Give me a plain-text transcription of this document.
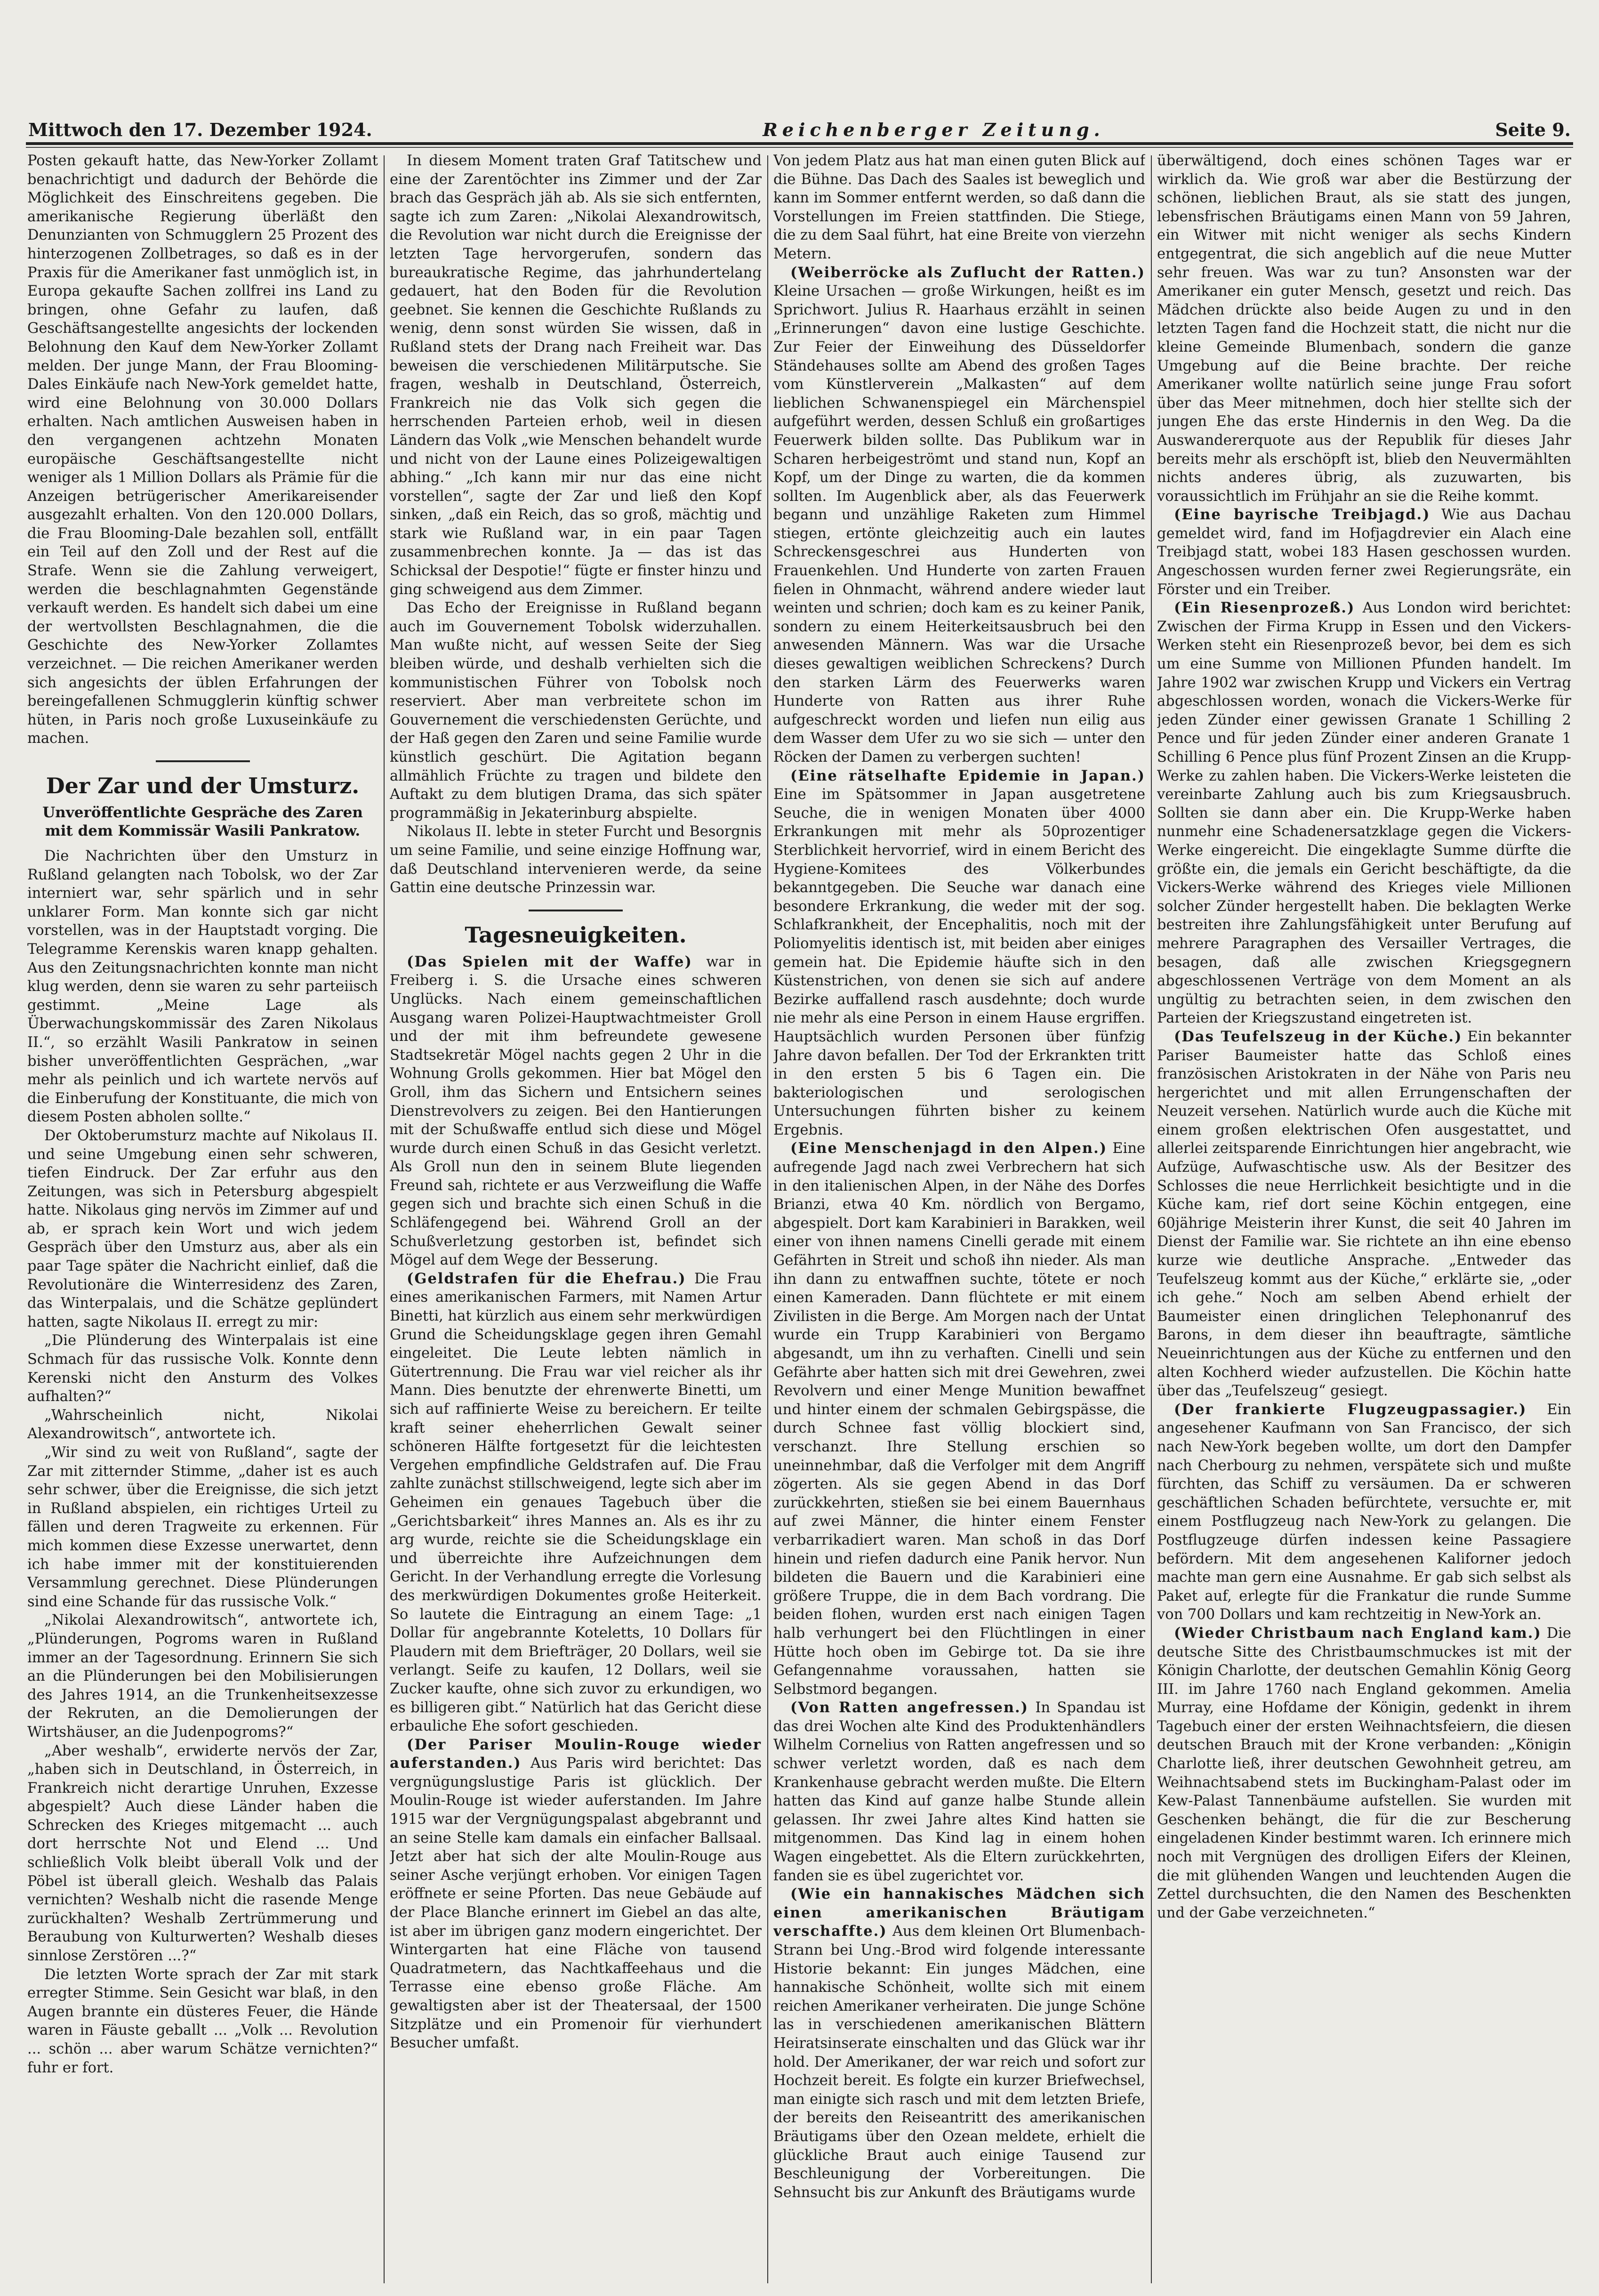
Mittwoch den 17. Dezember 1924.	Reichenberger Zeitung.	Seite 9.

Posten gekauft hatte, das New-Yorker Zollamt benachrichtigt und dadurch der Behörde die Möglichkeit des Einschreitens gegeben. Die amerikanische Regierung überläßt den Denunzianten von Schmugglern 25 Prozent des hinterzogenen Zollbetrages, so daß es in der Praxis für die Amerikaner fast unmöglich ist, in Europa gekaufte Sachen zollfrei ins Land zu bringen, ohne Gefahr zu laufen, daß Geschäftsangestellte angesichts der lockenden Belohnung den Kauf dem New-Yorker Zollamt melden. Der junge Mann, der Frau Blooming-Dales Einkäufe nach New-York gemeldet hatte, wird eine Belohnung von 30.000 Dollars erhalten. Nach amtlichen Ausweisen haben in den vergangenen achtzehn Monaten europäische Geschäftsangestellte nicht weniger als 1 Million Dollars als Prämie für die Anzeigen betrügerischer Amerikareisender ausgezahlt erhalten. Von den 120.000 Dollars, die Frau Blooming-Dale bezahlen soll, entfällt ein Teil auf den Zoll und der Rest auf die Strafe. Wenn sie die Zahlung verweigert, werden die beschlagnahmten Gegenstände verkauft werden. Es handelt sich dabei um eine der wertvollsten Beschlagnahmen, die die Geschichte des New-Yorker Zollamtes verzeichnet. — Die reichen Amerikaner werden sich angesichts der üblen Erfahrungen der bereingefallenen Schmugglerin künftig schwer hüten, in Paris noch große Luxuseinkäufe zu machen.

Der Zar und der Umsturz.
Unveröffentlichte Gespräche des Zaren mit dem Kommissär Wasili Pankratow.

Die Nachrichten über den Umsturz in Rußland gelangten nach Tobolsk, wo der Zar interniert war, sehr spärlich und in sehr unklarer Form. Man konnte sich gar nicht vorstellen, was in der Hauptstadt vorging. Die Telegramme Kerenskis waren knapp gehalten. Aus den Zeitungsnachrichten konnte man nicht klug werden, denn sie waren zu sehr parteiisch gestimmt. „Meine Lage als Überwachungskommissär des Zaren Nikolaus II.“, so erzählt Wasili Pankratow in seinen bisher unveröffentlichten Gesprächen, „war mehr als peinlich und ich wartete nervös auf die Einberufung der Konstituante, die mich von diesem Posten abholen sollte.“

Der Oktoberumsturz machte auf Nikolaus II. und seine Umgebung einen sehr schweren, tiefen Eindruck. Der Zar erfuhr aus den Zeitungen, was sich in Petersburg abgespielt hatte. Nikolaus ging nervös im Zimmer auf und ab, er sprach kein Wort und wich jedem Gespräch über den Umsturz aus, aber als ein paar Tage später die Nachricht einlief, daß die Revolutionäre die Winterresidenz des Zaren, das Winterpalais, und die Schätze geplündert hatten, sagte Nikolaus II. erregt zu mir:

„Die Plünderung des Winterpalais ist eine Schmach für das russische Volk. Konnte denn Kerenski nicht den Ansturm des Volkes aufhalten?“

„Wahrscheinlich nicht, Nikolai Alexandrowitsch“, antwortete ich.

„Wir sind zu weit von Rußland“, sagte der Zar mit zitternder Stimme, „daher ist es auch sehr schwer, über die Ereignisse, die sich jetzt in Rußland abspielen, ein richtiges Urteil zu fällen und deren Tragweite zu erkennen. Für mich kommen diese Exzesse unerwartet, denn ich habe immer mit der konstituierenden Versammlung gerechnet. Diese Plünderungen sind eine Schande für das russische Volk.“

„Nikolai Alexandrowitsch“, antwortete ich, „Plünderungen, Pogroms waren in Rußland immer an der Tagesordnung. Erinnern Sie sich an die Plünderungen bei den Mobilisierungen des Jahres 1914, an die Trunkenheitsexzesse der Rekruten, an die Demolierungen der Wirtshäuser, an die Judenpogroms?“

„Aber weshalb“, erwiderte nervös der Zar, „haben sich in Deutschland, in Österreich, in Frankreich nicht derartige Unruhen, Exzesse abgespielt? Auch diese Länder haben die Schrecken des Krieges mitgemacht ... auch dort herrschte Not und Elend ... Und schließlich Volk bleibt überall Volk und der Pöbel ist überall gleich. Weshalb das Palais vernichten? Weshalb nicht die rasende Menge zurückhalten? Weshalb Zertrümmerung und Beraubung von Kulturwerten? Weshalb dieses sinnlose Zerstören ...?“

Die letzten Worte sprach der Zar mit stark erregter Stimme. Sein Gesicht war blaß, in den Augen brannte ein düsteres Feuer, die Hände waren in Fäuste geballt ... „Volk ... Revolution ... schön ... aber warum Schätze vernichten?“ fuhr er fort.

In diesem Moment traten Graf Tatitschew und eine der Zarentöchter ins Zimmer und der Zar brach das Gespräch jäh ab. Als sie sich entfernten, sagte ich zum Zaren: „Nikolai Alexandrowitsch, die Revolution war nicht durch die Ereignisse der letzten Tage hervorgerufen, sondern das bureaukratische Regime, das jahrhundertelang gedauert, hat den Boden für die Revolution geebnet. Sie kennen die Geschichte Rußlands zu wenig, denn sonst würden Sie wissen, daß in Rußland stets der Drang nach Freiheit war. Das beweisen die verschiedenen Militärputsche. Sie fragen, weshalb in Deutschland, Österreich, Frankreich nie das Volk sich gegen die herrschenden Parteien erhob, weil in diesen Ländern das Volk „wie Menschen behandelt wurde und nicht von der Laune eines Polizeigewaltigen abhing.“ „Ich kann mir nur das eine nicht vorstellen“, sagte der Zar und ließ den Kopf sinken, „daß ein Reich, das so groß, mächtig und stark wie Rußland war, in ein paar Tagen zusammenbrechen konnte. Ja — das ist das Schicksal der Despotie!“ fügte er finster hinzu und ging schweigend aus dem Zimmer.

Das Echo der Ereignisse in Rußland begann auch im Gouvernement Tobolsk widerzuhallen. Man wußte nicht, auf wessen Seite der Sieg bleiben würde, und deshalb verhielten sich die kommunistischen Führer von Tobolsk noch reserviert. Aber man verbreitete schon im Gouvernement die verschiedensten Gerüchte, und der Haß gegen den Zaren und seine Familie wurde künstlich geschürt. Die Agitation begann allmählich Früchte zu tragen und bildete den Auftakt zu dem blutigen Drama, das sich später programmäßig in Jekaterinburg abspielte.

Nikolaus II. lebte in steter Furcht und Besorgnis um seine Familie, und seine einzige Hoffnung war, daß Deutschland intervenieren werde, da seine Gattin eine deutsche Prinzessin war.

Tagesneuigkeiten.

(Das Spielen mit der Waffe) war in Freiberg i. S. die Ursache eines schweren Unglücks. Nach einem gemeinschaftlichen Ausgang waren Polizei-Hauptwachtmeister Groll und der mit ihm befreundete gewesene Stadtsekretär Mögel nachts gegen 2 Uhr in die Wohnung Grolls gekommen. Hier bat Mögel den Groll, ihm das Sichern und Entsichern seines Dienstrevolvers zu zeigen. Bei den Hantierungen mit der Schußwaffe entlud sich diese und Mögel wurde durch einen Schuß in das Gesicht verletzt. Als Groll nun den in seinem Blute liegenden Freund sah, richtete er aus Verzweiflung die Waffe gegen sich und brachte sich einen Schuß in die Schläfengegend bei. Während Groll an der Schußverletzung gestorben ist, befindet sich Mögel auf dem Wege der Besserung.

(Geldstrafen für die Ehefrau.) Die Frau eines amerikanischen Farmers, mit Namen Artur Binetti, hat kürzlich aus einem sehr merkwürdigen Grund die Scheidungsklage gegen ihren Gemahl eingeleitet. Die Leute lebten nämlich in Gütertrennung. Die Frau war viel reicher als ihr Mann. Dies benutzte der ehrenwerte Binetti, um sich auf raffinierte Weise zu bereichern. Er teilte kraft seiner eheherrlichen Gewalt seiner schöneren Hälfte fortgesetzt für die leichtesten Vergehen empfindliche Geldstrafen auf. Die Frau zahlte zunächst stillschweigend, legte sich aber im Geheimen ein genaues Tagebuch über die „Gerichtsbarkeit“ ihres Mannes an. Als es ihr zu arg wurde, reichte sie die Scheidungsklage ein und überreichte ihre Aufzeichnungen dem Gericht. In der Verhandlung erregte die Vorlesung des merkwürdigen Dokumentes große Heiterkeit. So lautete die Eintragung an einem Tage: „1 Dollar für angebrannte Koteletts, 10 Dollars für Plaudern mit dem Briefträger, 20 Dollars, weil sie verlangt. Seife zu kaufen, 12 Dollars, weil sie Zucker kaufte, ohne sich zuvor zu erkundigen, wo es billigeren gibt.“ Natürlich hat das Gericht diese erbauliche Ehe sofort geschieden.

(Der Pariser Moulin-Rouge wieder auferstanden.) Aus Paris wird berichtet: Das vergnügungslustige Paris ist glücklich. Der Moulin-Rouge ist wieder auferstanden. Im Jahre 1915 war der Vergnügungspalast abgebrannt und an seine Stelle kam damals ein einfacher Ballsaal. Jetzt aber hat sich der alte Moulin-Rouge aus seiner Asche verjüngt erhoben. Vor einigen Tagen eröffnete er seine Pforten. Das neue Gebäude auf der Place Blanche erinnert im Giebel an das alte, ist aber im übrigen ganz modern eingerichtet. Der Wintergarten hat eine Fläche von tausend Quadratmetern, das Nachtkaffeehaus und die Terrasse eine ebenso große Fläche. Am gewaltigsten aber ist der Theatersaal, der 1500 Sitzplätze und ein Promenoir für vierhundert Besucher umfaßt.

Von jedem Platz aus hat man einen guten Blick auf die Bühne. Das Dach des Saales ist beweglich und kann im Sommer entfernt werden, so daß dann die Vorstellungen im Freien stattfinden. Die Stiege, die zu dem Saal führt, hat eine Breite von vierzehn Metern.

(Weiberröcke als Zuflucht der Ratten.) Kleine Ursachen — große Wirkungen, heißt es im Sprichwort. Julius R. Haarhaus erzählt in seinen „Erinnerungen“ davon eine lustige Geschichte. Zur Feier der Einweihung des Düsseldorfer Ständehauses sollte am Abend des großen Tages vom Künstlerverein „Malkasten“ auf dem lieblichen Schwanenspiegel ein Märchenspiel aufgeführt werden, dessen Schluß ein großartiges Feuerwerk bilden sollte. Das Publikum war in Scharen herbeigeströmt und stand nun, Kopf an Kopf, um der Dinge zu warten, die da kommen sollten. Im Augenblick aber, als das Feuerwerk begann und unzählige Raketen zum Himmel stiegen, ertönte gleichzeitig auch ein lautes Schreckensgeschrei aus Hunderten von Frauenkehlen. Und Hunderte von zarten Frauen fielen in Ohnmacht, während andere wieder laut weinten und schrien; doch kam es zu keiner Panik, sondern zu einem Heiterkeitsausbruch bei den anwesenden Männern. Was war die Ursache dieses gewaltigen weiblichen Schreckens? Durch den starken Lärm des Feuerwerks waren Hunderte von Ratten aus ihrer Ruhe aufgeschreckt worden und liefen nun eilig aus dem Wasser dem Ufer zu wo sie sich — unter den Röcken der Damen zu verbergen suchten!

(Eine rätselhafte Epidemie in Japan.) Eine im Spätsommer in Japan ausgetretene Seuche, die in wenigen Monaten über 4000 Erkrankungen mit mehr als 50prozentiger Sterblichkeit hervorrief, wird in einem Bericht des Hygiene-Komitees des Völkerbundes bekanntgegeben. Die Seuche war danach eine besondere Erkrankung, die weder mit der sog. Schlafkrankheit, der Encephalitis, noch mit der Poliomyelitis identisch ist, mit beiden aber einiges gemein hat. Die Epidemie häufte sich in den Küstenstrichen, von denen sie sich auf andere Bezirke auffallend rasch ausdehnte; doch wurde nie mehr als eine Person in einem Hause ergriffen. Hauptsächlich wurden Personen über fünfzig Jahre davon befallen. Der Tod der Erkrankten tritt in den ersten 5 bis 6 Tagen ein. Die bakteriologischen und serologischen Untersuchungen führten bisher zu keinem Ergebnis.

(Eine Menschenjagd in den Alpen.) Eine aufregende Jagd nach zwei Verbrechern hat sich in den italienischen Alpen, in der Nähe des Dorfes Brianzi, etwa 40 Km. nördlich von Bergamo, abgespielt. Dort kam Karabinieri in Barakken, weil einer von ihnen namens Cinelli gerade mit einem Gefährten in Streit und schoß ihn nieder. Als man ihn dann zu entwaffnen suchte, tötete er noch einen Kameraden. Dann flüchtete er mit einem Zivilisten in die Berge. Am Morgen nach der Untat wurde ein Trupp Karabinieri von Bergamo abgesandt, um ihn zu verhaften. Cinelli und sein Gefährte aber hatten sich mit drei Gewehren, zwei Revolvern und einer Menge Munition bewaffnet und hinter einem der schmalen Gebirgspässe, die durch Schnee fast völlig blockiert sind, verschanzt. Ihre Stellung erschien so uneinnehmbar, daß die Verfolger mit dem Angriff zögerten. Als sie gegen Abend in das Dorf zurückkehrten, stießen sie bei einem Bauernhaus auf zwei Männer, die hinter einem Fenster verbarrikadiert waren. Man schoß in das Dorf hinein und riefen dadurch eine Panik hervor. Nun bildeten die Bauern und die Karabinieri eine größere Truppe, die in dem Bach vordrang. Die beiden flohen, wurden erst nach einigen Tagen halb verhungert bei den Flüchtlingen in einer Hütte hoch oben im Gebirge tot. Da sie ihre Gefangennahme voraussahen, hatten sie Selbstmord begangen.

(Von Ratten angefressen.) In Spandau ist das drei Wochen alte Kind des Produktenhändlers Wilhelm Cornelius von Ratten angefressen und so schwer verletzt worden, daß es nach dem Krankenhause gebracht werden mußte. Die Eltern hatten das Kind auf ganze halbe Stunde allein gelassen. Ihr zwei Jahre altes Kind hatten sie mitgenommen. Das Kind lag in einem hohen Wagen eingebettet. Als die Eltern zurückkehrten, fanden sie es übel zugerichtet vor.

(Wie ein hannakisches Mädchen sich einen amerikanischen Bräutigam verschaffte.) Aus dem kleinen Ort Blumenbach-Strann bei Ung.-Brod wird folgende interessante Historie bekannt: Ein junges Mädchen, eine hannakische Schönheit, wollte sich mit einem reichen Amerikaner verheiraten. Die junge Schöne las in verschiedenen amerikanischen Blättern Heiratsinserate einschalten und das Glück war ihr hold. Der Amerikaner, der war reich und sofort zur Hochzeit bereit. Es folgte ein kurzer Briefwechsel, man einigte sich rasch und mit dem letzten Briefe, der bereits den Reiseantritt des amerikanischen Bräutigams über den Ozean meldete, erhielt die glückliche Braut auch einige Tausend zur Beschleunigung der Vorbereitungen. Die Sehnsucht bis zur Ankunft des Bräutigams wurde

überwältigend, doch eines schönen Tages war er wirklich da. Wie groß war aber die Bestürzung der schönen, lieblichen Braut, als sie statt des jungen, lebensfrischen Bräutigams einen Mann von 59 Jahren, ein Witwer mit nicht weniger als sechs Kindern entgegentrat, die sich angeblich auf die neue Mutter sehr freuen. Was war zu tun? Ansonsten war der Amerikaner ein guter Mensch, gesetzt und reich. Das Mädchen drückte also beide Augen zu und in den letzten Tagen fand die Hochzeit statt, die nicht nur die kleine Gemeinde Blumenbach, sondern die ganze Umgebung auf die Beine brachte. Der reiche Amerikaner wollte natürlich seine junge Frau sofort über das Meer mitnehmen, doch hier stellte sich der jungen Ehe das erste Hindernis in den Weg. Da die Auswandererquote aus der Republik für dieses Jahr bereits mehr als erschöpft ist, blieb den Neuvermählten nichts anderes übrig, als zuzuwarten, bis voraussichtlich im Frühjahr an sie die Reihe kommt.

(Eine bayrische Treibjagd.) Wie aus Dachau gemeldet wird, fand im Hofjagdrevier ein Alach eine Treibjagd statt, wobei 183 Hasen geschossen wurden. Angeschossen wurden ferner zwei Regierungsräte, ein Förster und ein Treiber.

(Ein Riesenprozeß.) Aus London wird berichtet: Zwischen der Firma Krupp in Essen und den Vickers-Werken steht ein Riesenprozeß bevor, bei dem es sich um eine Summe von Millionen Pfunden handelt. Im Jahre 1902 war zwischen Krupp und Vickers ein Vertrag abgeschlossen worden, wonach die Vickers-Werke für jeden Zünder einer gewissen Granate 1 Schilling 2 Pence und für jeden Zünder einer anderen Granate 1 Schilling 6 Pence plus fünf Prozent Zinsen an die Krupp-Werke zu zahlen haben. Die Vickers-Werke leisteten die vereinbarte Zahlung auch bis zum Kriegsausbruch. Sollten sie dann aber ein. Die Krupp-Werke haben nunmehr eine Schadenersatzklage gegen die Vickers-Werke eingereicht. Die eingeklagte Summe dürfte die größte ein, die jemals ein Gericht beschäftigte, da die Vickers-Werke während des Krieges viele Millionen solcher Zünder hergestellt haben. Die beklagten Werke bestreiten ihre Zahlungsfähigkeit unter Berufung auf mehrere Paragraphen des Versailler Vertrages, die besagen, daß alle zwischen Kriegsgegnern abgeschlossenen Verträge von dem Moment an als ungültig zu betrachten seien, in dem zwischen den Parteien der Kriegszustand eingetreten ist.

(Das Teufelszeug in der Küche.) Ein bekannter Pariser Baumeister hatte das Schloß eines französischen Aristokraten in der Nähe von Paris neu hergerichtet und mit allen Errungenschaften der Neuzeit versehen. Natürlich wurde auch die Küche mit einem großen elektrischen Ofen ausgestattet, und allerlei zeitsparende Einrichtungen hier angebracht, wie Aufzüge, Aufwaschtische usw. Als der Besitzer des Schlosses die neue Herrlichkeit besichtigte und in die Küche kam, rief dort seine Köchin entgegen, eine 60jährige Meisterin ihrer Kunst, die seit 40 Jahren im Dienst der Familie war. Sie richtete an ihn eine ebenso kurze wie deutliche Ansprache. „Entweder das Teufelszeug kommt aus der Küche,“ erklärte sie, „oder ich gehe.“ Noch am selben Abend erhielt der Baumeister einen dringlichen Telephonanruf des Barons, in dem dieser ihn beauftragte, sämtliche Neueinrichtungen aus der Küche zu entfernen und den alten Kochherd wieder aufzustellen. Die Köchin hatte über das „Teufelszeug“ gesiegt.

(Der frankierte Flugzeugpassagier.) Ein angesehener Kaufmann von San Francisco, der sich nach New-York begeben wollte, um dort den Dampfer nach Cherbourg zu nehmen, verspätete sich und mußte fürchten, das Schiff zu versäumen. Da er schweren geschäftlichen Schaden befürchtete, versuchte er, mit einem Postflugzeug nach New-York zu gelangen. Die Postflugzeuge dürfen indessen keine Passagiere befördern. Mit dem angesehenen Kaliforner jedoch machte man gern eine Ausnahme. Er gab sich selbst als Paket auf, erlegte für die Frankatur die runde Summe von 700 Dollars und kam rechtzeitig in New-York an.

(Wieder Christbaum nach England kam.) Die deutsche Sitte des Christbaumschmuckes ist mit der Königin Charlotte, der deutschen Gemahlin König Georg III. im Jahre 1760 nach England gekommen. Amelia Murray, eine Hofdame der Königin, gedenkt in ihrem Tagebuch einer der ersten Weihnachtsfeiern, die diesen deutschen Brauch mit der Krone verbanden: „Königin Charlotte ließ, ihrer deutschen Gewohnheit getreu, am Weihnachtsabend stets im Buckingham-Palast oder im Kew-Palast Tannenbäume aufstellen. Sie wurden mit Geschenken behängt, die für die zur Bescherung eingeladenen Kinder bestimmt waren. Ich erinnere mich noch mit Vergnügen des drolligen Eifers der Kleinen, die mit glühenden Wangen und leuchtenden Augen die Zettel durchsuchten, die den Namen des Beschenkten und der Gabe verzeichneten.“
